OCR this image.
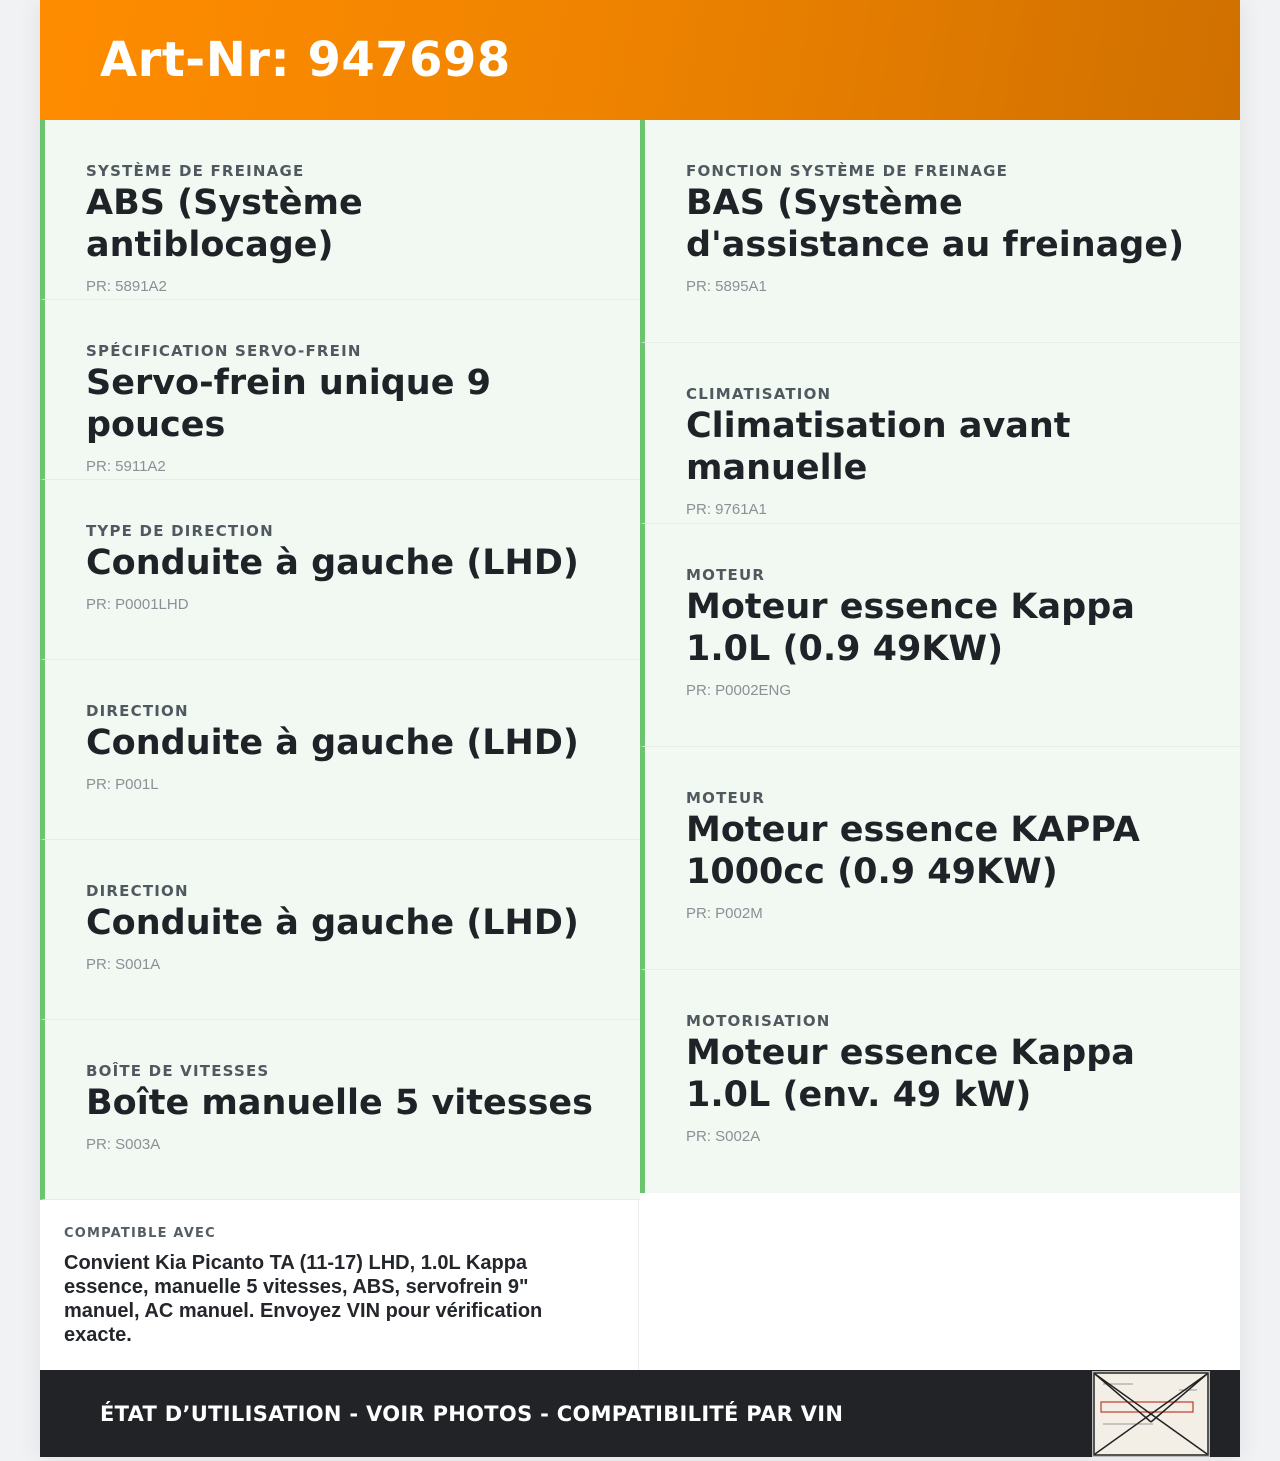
Art-Nr: 947698
SYSTÈME DE FREINAGE
ABS (Système antiblocage)
PR: 5891A2
SPÉCIFICATION SERVO-FREIN
Servo-frein unique 9 pouces
PR: 5911A2
TYPE DE DIRECTION
Conduite à gauche (LHD)
PR: P0001LHD
DIRECTION
Conduite à gauche (LHD)
PR: P001L
DIRECTION
Conduite à gauche (LHD)
PR: S001A
BOÎTE DE VITESSES
Boîte manuelle 5 vitesses
PR: S003A
FONCTION SYSTÈME DE FREINAGE
BAS (Système d'assistance au freinage)
PR: 5895A1
CLIMATISATION
Climatisation avant manuelle
PR: 9761A1
MOTEUR
Moteur essence Kappa 1.0L (0.9 49KW)
PR: P0002ENG
MOTEUR
Moteur essence KAPPA 1000cc (0.9 49KW)
PR: P002M
MOTORISATION
Moteur essence Kappa 1.0L (env. 49 kW)
PR: S002A
COMPATIBLE AVEC
Convient Kia Picanto TA (11-17) LHD, 1.0L Kappa essence, manuelle 5 vitesses, ABS, servofrein 9" manuel, AC manuel. Envoyez VIN pour vérification exacte.
ÉTAT D’UTILISATION - VOIR PHOTOS - COMPATIBILITÉ PAR VIN
